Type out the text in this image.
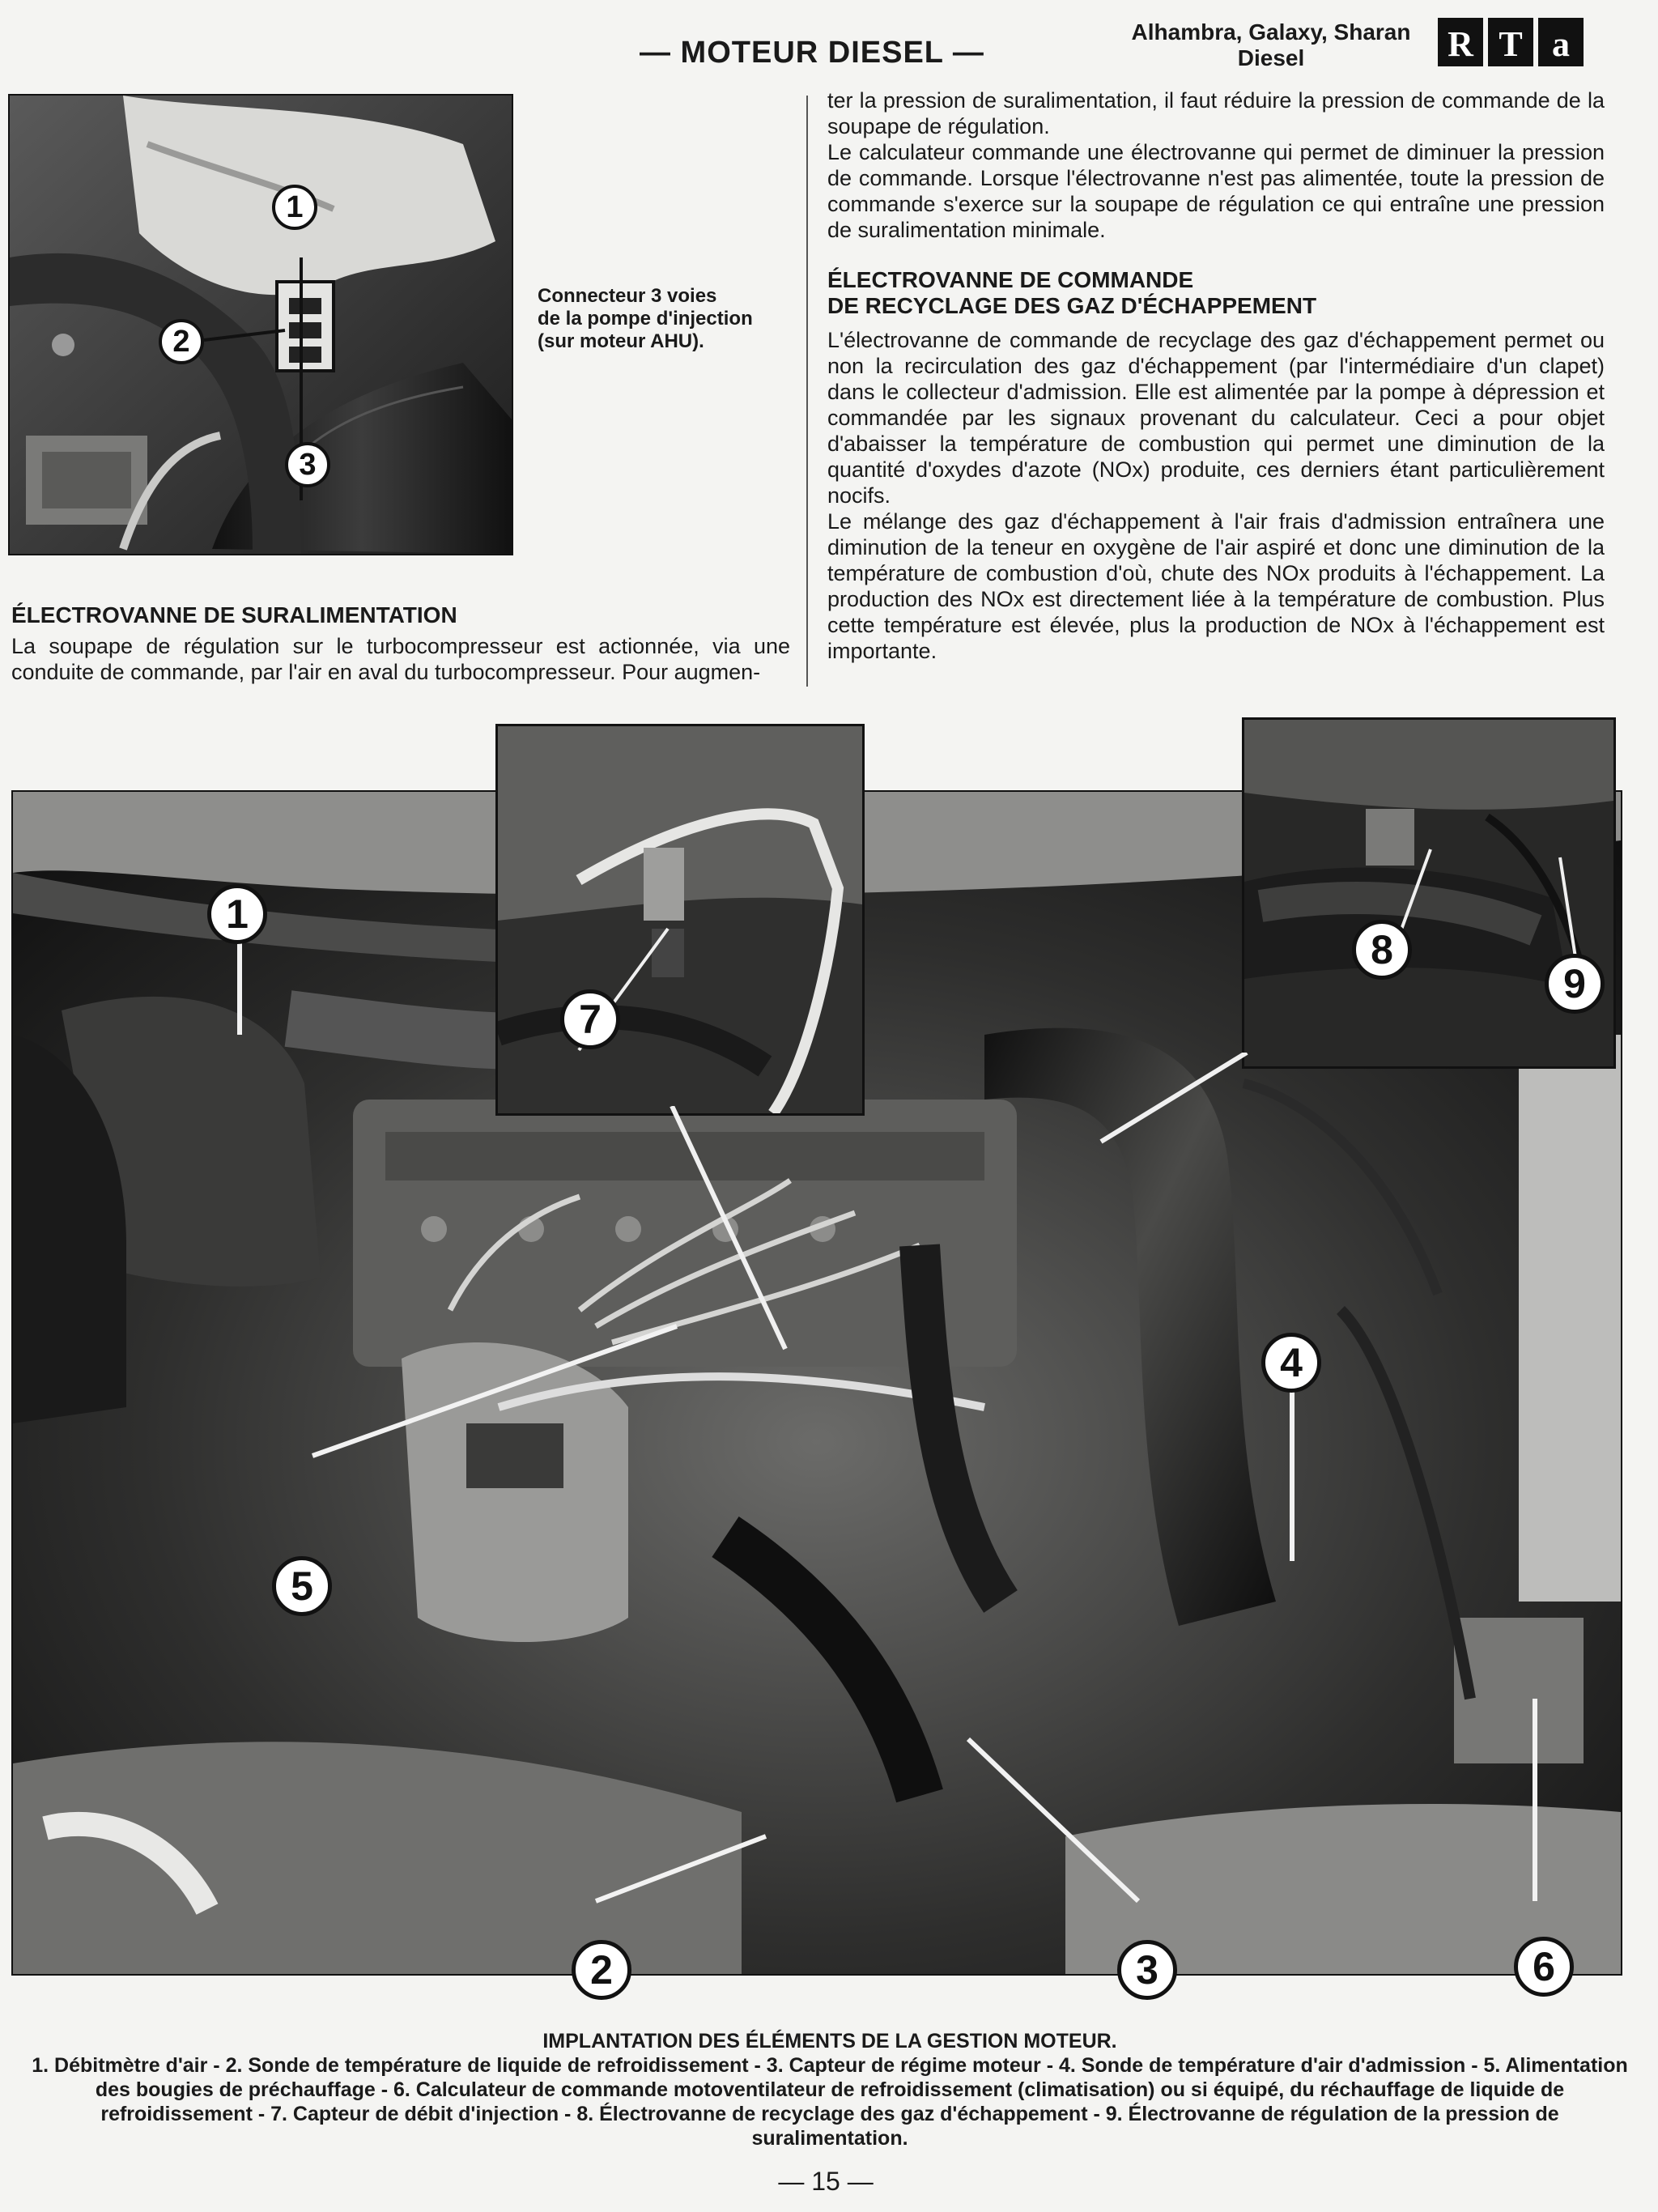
— MOTEUR DIESEL —
Alhambra, Galaxy, Sharan
Diesel	R T a
1
2
3
Connecteur 3 voies
de la pompe d'injection
(sur moteur AHU).
ÉLECTROVANNE DE SURALIMENTATION
La soupape de régulation sur le turbocompresseur est actionnée, via une conduite de commande, par l'air en aval du turbocompresseur. Pour augmen-
ter la pression de suralimentation, il faut réduire la pression de commande de la soupape de régulation.
Le calculateur commande une électrovanne qui permet de diminuer la pression de commande. Lorsque l'électrovanne n'est pas alimentée, toute la pression de commande s'exerce sur la soupape de régulation ce qui entraîne une pression de suralimentation minimale.
ÉLECTROVANNE DE COMMANDE
DE RECYCLAGE DES GAZ D'ÉCHAPPEMENT
L'électrovanne de commande de recyclage des gaz d'échappement permet ou non la recirculation des gaz d'échappement (par l'intermédiaire d'un clapet) dans le collecteur d'admission. Elle est alimentée par la pompe à dépression et commandée par les signaux provenant du calculateur. Ceci a pour objet d'abaisser la température de combustion qui permet une diminution de la quantité d'oxydes d'azote (NOx) produite, ces derniers étant particulièrement nocifs.
Le mélange des gaz d'échappement à l'air frais d'admission entraînera une diminution de la teneur en oxygène de l'air aspiré et donc une diminution de la température de combustion d'où, chute des NOx produits à l'échappement. La production des NOx est directement liée à la température de combustion. Plus cette température est élevée, plus la production de NOx à l'échappement est importante.
1
2	3
4
5
6
7
8
9
IMPLANTATION DES ÉLÉMENTS DE LA GESTION MOTEUR.
1. Débitmètre d'air - 2. Sonde de température de liquide de refroidissement - 3. Capteur de régime moteur - 4. Sonde de température d'air d'admission - 5. Alimentation des bougies de préchauffage - 6. Calculateur de commande motoventilateur de refroidissement (climatisation) ou si équipé, du réchauffage de liquide de refroidissement - 7. Capteur de débit d'injection - 8. Électrovanne de recyclage des gaz d'échappement - 9. Électrovanne de régulation de la pression de suralimentation.
— 15 —
